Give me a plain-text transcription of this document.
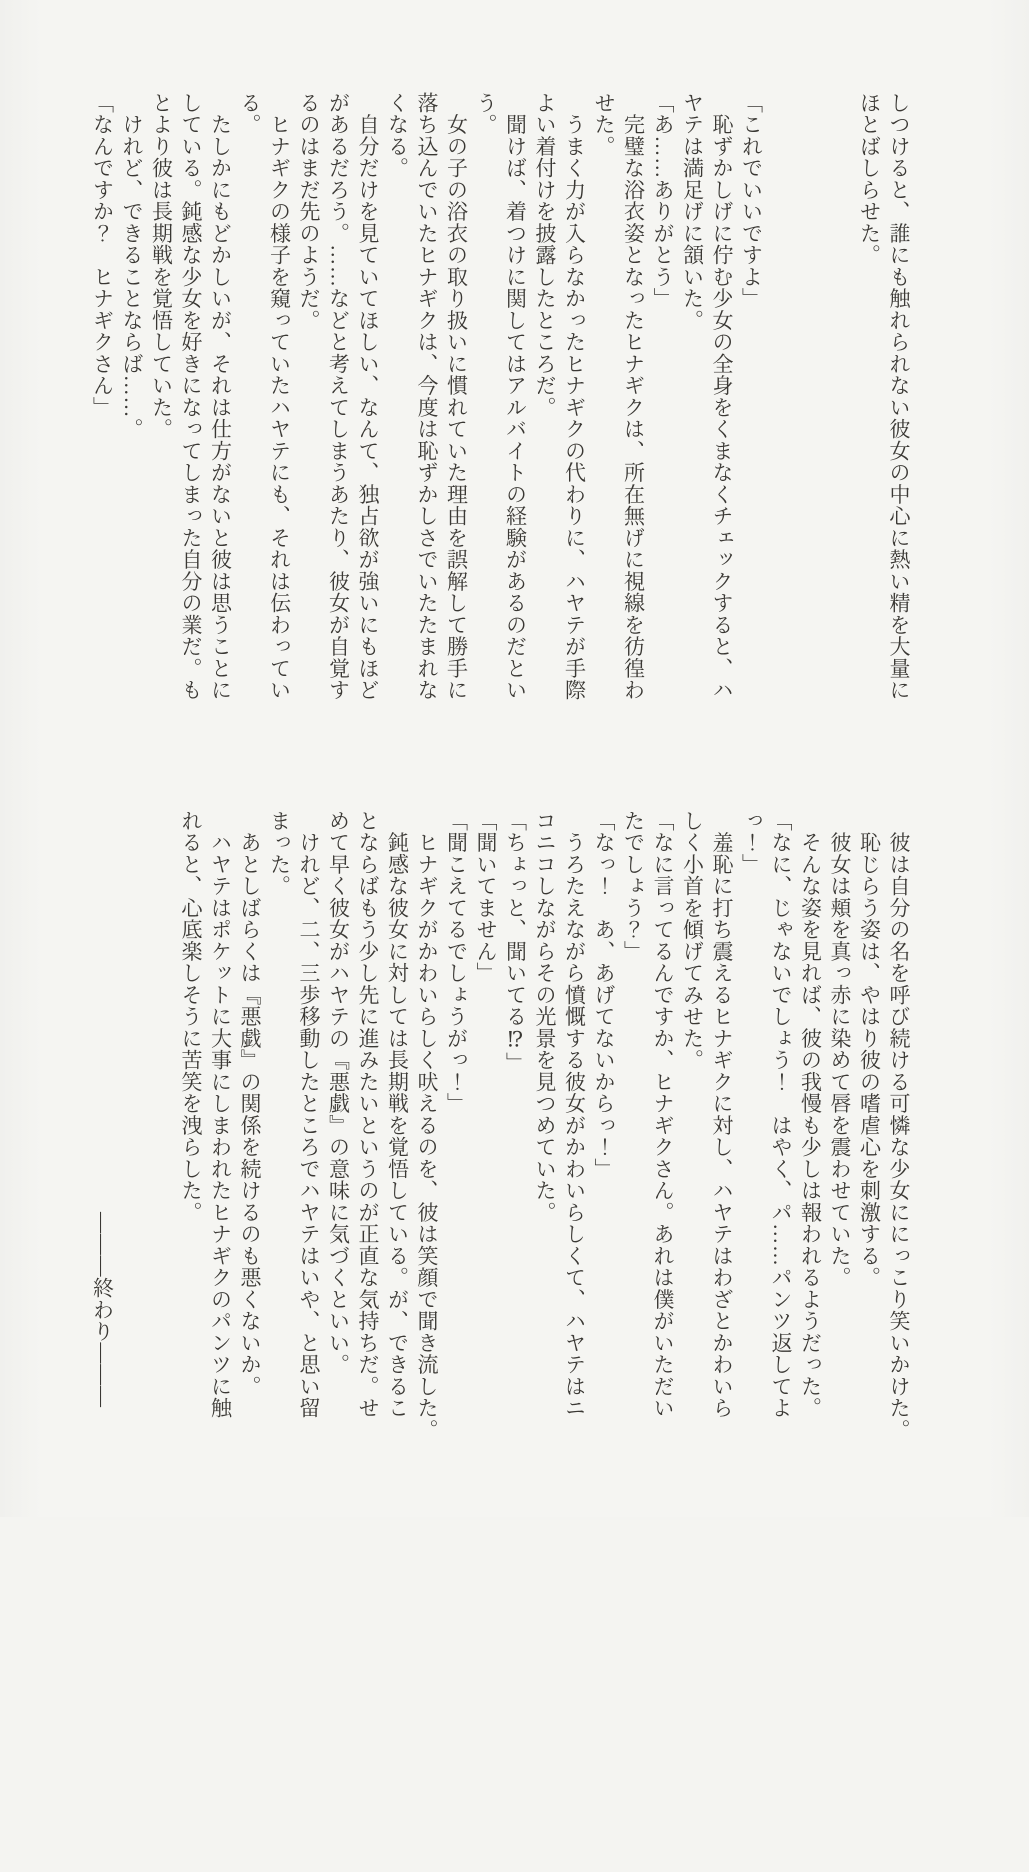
しつけると、誰にも触れられない彼女の中心に熱い精を大量に
ほとばしらせた。
「これでいいですよ」
　恥ずかしげに佇む少女の全身をくまなくチェックすると、ハ
ヤテは満足げに頷いた。
「あ……ありがとう」
　完璧な浴衣姿となったヒナギクは、所在無げに視線を彷徨わ
せた。
　うまく力が入らなかったヒナギクの代わりに、ハヤテが手際
よい着付けを披露したところだ。
　聞けば、着つけに関してはアルバイトの経験があるのだとい
う。
　女の子の浴衣の取り扱いに慣れていた理由を誤解して勝手に
落ち込んでいたヒナギクは、今度は恥ずかしさでいたたまれな
くなる。
　自分だけを見ていてほしい、なんて、独占欲が強いにもほど
があるだろう。……などと考えてしまうあたり、彼女が自覚す
るのはまだ先のようだ。
　ヒナギクの様子を窺っていたハヤテにも、それは伝わってい
る。
　たしかにもどかしいが、それは仕方がないと彼は思うことに
している。鈍感な少女を好きになってしまった自分の業だ。も
とより彼は長期戦を覚悟していた。
　けれど、できることならば……。
「なんですか？　ヒナギクさん」
　彼は自分の名を呼び続ける可憐な少女ににっこり笑いかけた。
　恥じらう姿は、やはり彼の嗜虐心を刺激する。
　彼女は頬を真っ赤に染めて唇を震わせていた。
　そんな姿を見れば、彼の我慢も少しは報われるようだった。
「なに、じゃないでしょう！　はやく、パ……パンツ返してよ
っ！」
　羞恥に打ち震えるヒナギクに対し、ハヤテはわざとかわいら
しく小首を傾げてみせた。
「なに言ってるんですか、ヒナギクさん。あれは僕がいただい
たでしょう？」
「なっ！　あ、あげてないからっ！」
　うろたえながら憤慨する彼女がかわいらしくて、ハヤテはニ
コニコしながらその光景を見つめていた。
「ちょっと、聞いてる⁉」
「聞いてません」
「聞こえてるでしょうがっ！」
　ヒナギクがかわいらしく吠えるのを、彼は笑顔で聞き流した。
　鈍感な彼女に対しては長期戦を覚悟している。が、できるこ
とならばもう少し先に進みたいというのが正直な気持ちだ。せ
めて早く彼女がハヤテの『悪戯』の意味に気づくといい。
　けれど、二、三歩移動したところでハヤテはいや、と思い留
まった。
　あとしばらくは『悪戯』の関係を続けるのも悪くないか。
　ハヤテはポケットに大事にしまわれたヒナギクのパンツに触
れると、心底楽しそうに苦笑を洩らした。
―――終わり―――
